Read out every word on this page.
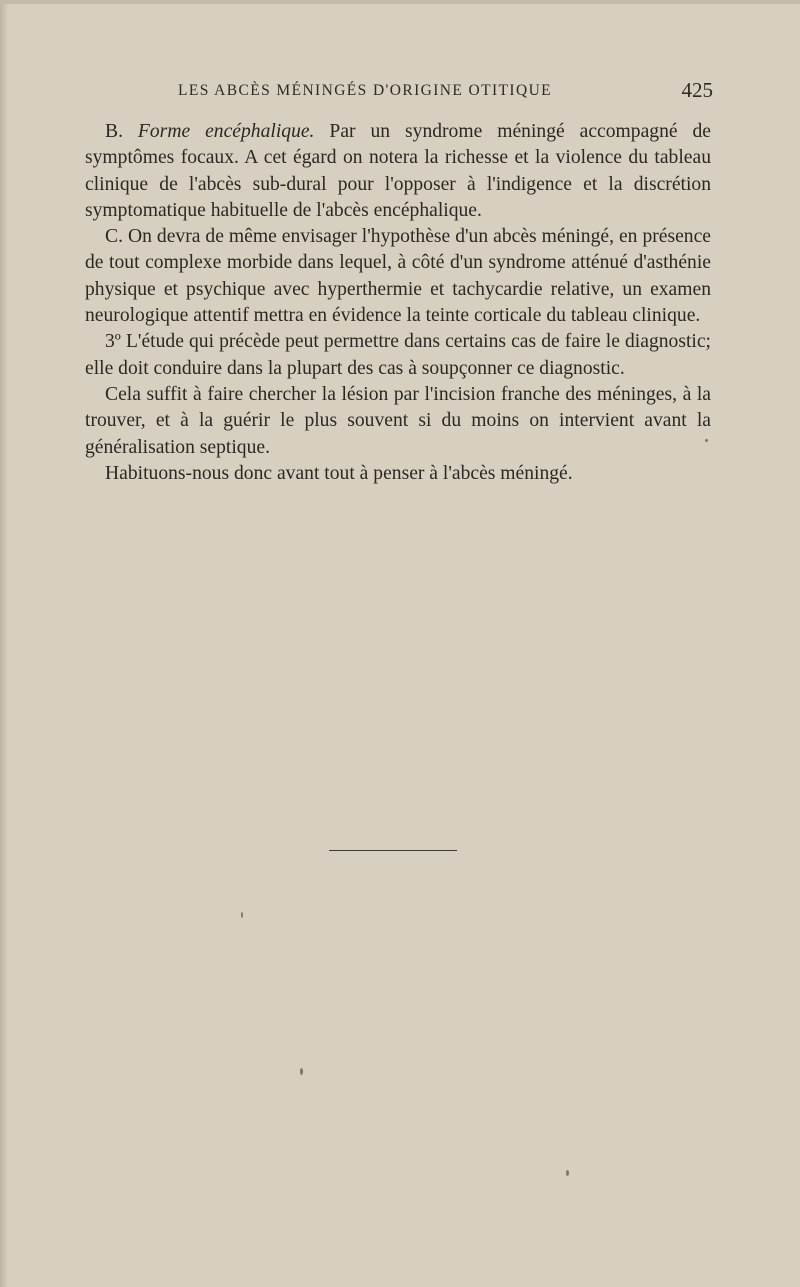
LES ABCÈS MÉNINGÉS D'ORIGINE OTITIQUE	425

B. Forme encéphalique. Par un syndrome méningé accompagné de symptômes focaux. A cet égard on notera la richesse et la violence du tableau clinique de l'abcès sub-dural pour l'opposer à l'indigence et la discrétion symptomatique habituelle de l'abcès encéphalique.

C. On devra de même envisager l'hypothèse d'un abcès méningé, en présence de tout complexe morbide dans lequel, à côté d'un syndrome atténué d'asthénie physique et psychique avec hyperthermie et tachycardie relative, un examen neurologique attentif mettra en évidence la teinte corticale du tableau clinique.

3º L'étude qui précède peut permettre dans certains cas de faire le diagnostic; elle doit conduire dans la plupart des cas à soupçonner ce diagnostic.

Cela suffit à faire chercher la lésion par l'incision franche des méninges, à la trouver, et à la guérir le plus souvent si du moins on intervient avant la généralisation septique.

Habituons-nous donc avant tout à penser à l'abcès méningé.
